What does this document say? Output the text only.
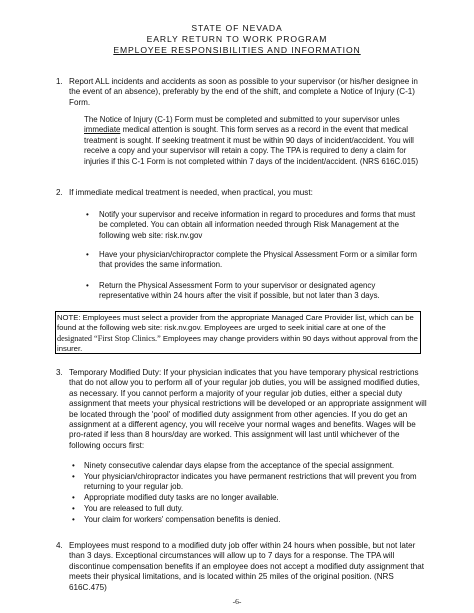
STATE OF NEVADA
EARLY RETURN TO WORK PROGRAM
EMPLOYEE RESPONSIBILITIES AND INFORMATION
1. Report ALL incidents and accidents as soon as possible to your supervisor (or his/her designee in the event of an absence), preferably by the end of the shift, and complete a Notice of Injury (C-1) Form.
The Notice of Injury (C-1) Form must be completed and submitted to your supervisor unles immediate medical attention is sought. This form serves as a record in the event that medical treatment is sought. If seeking treatment it must be within 90 days of incident/accident. You will receive a copy and your supervisor will retain a copy. The TPA is required to deny a claim for injuries if this C-1 Form is not completed within 7 days of the incident/accident. (NRS 616C.015)
2. If immediate medical treatment is needed, when practical, you must:
• Notify your supervisor and receive information in regard to procedures and forms that must be completed. You can obtain all information needed through Risk Management at the following web site: risk.nv.gov
• Have your physician/chiropractor complete the Physical Assessment Form or a similar form that provides the same information.
• Return the Physical Assessment Form to your supervisor or designated agency representative within 24 hours after the visit if possible, but not later than 3 days.
NOTE: Employees must select a provider from the appropriate Managed Care Provider list, which can be found at the following web site: risk.nv.gov. Employees are urged to seek initial care at one of the designated “First Stop Clinics.” Employees may change providers within 90 days without approval from the insurer.
3. Temporary Modified Duty: If your physician indicates that you have temporary physical restrictions that do not allow you to perform all of your regular job duties, you will be assigned modified duties, as necessary. If you cannot perform a majority of your regular job duties, either a special duty assignment that meets your physical restrictions will be developed or an appropriate assignment will be located through the 'pool' of modified duty assignment from other agencies. If you do get an assignment at a different agency, you will receive your normal wages and benefits. Wages will be pro-rated if less than 8 hours/day are worked. This assignment will last until whichever of the following occurs first:
• Ninety consecutive calendar days elapse from the acceptance of the special assignment.
• Your physician/chiropractor indicates you have permanent restrictions that will prevent you from returning to your regular job.
• Appropriate modified duty tasks are no longer available.
• You are released to full duty.
• Your claim for workers' compensation benefits is denied.
4. Employees must respond to a modified duty job offer within 24 hours when possible, but not later than 3 days. Exceptional circumstances will allow up to 7 days for a response. The TPA will discontinue compensation benefits if an employee does not accept a modified duty assignment that meets their physical limitations, and is located within 25 miles of the original position. (NRS 616C.475)
-6-
